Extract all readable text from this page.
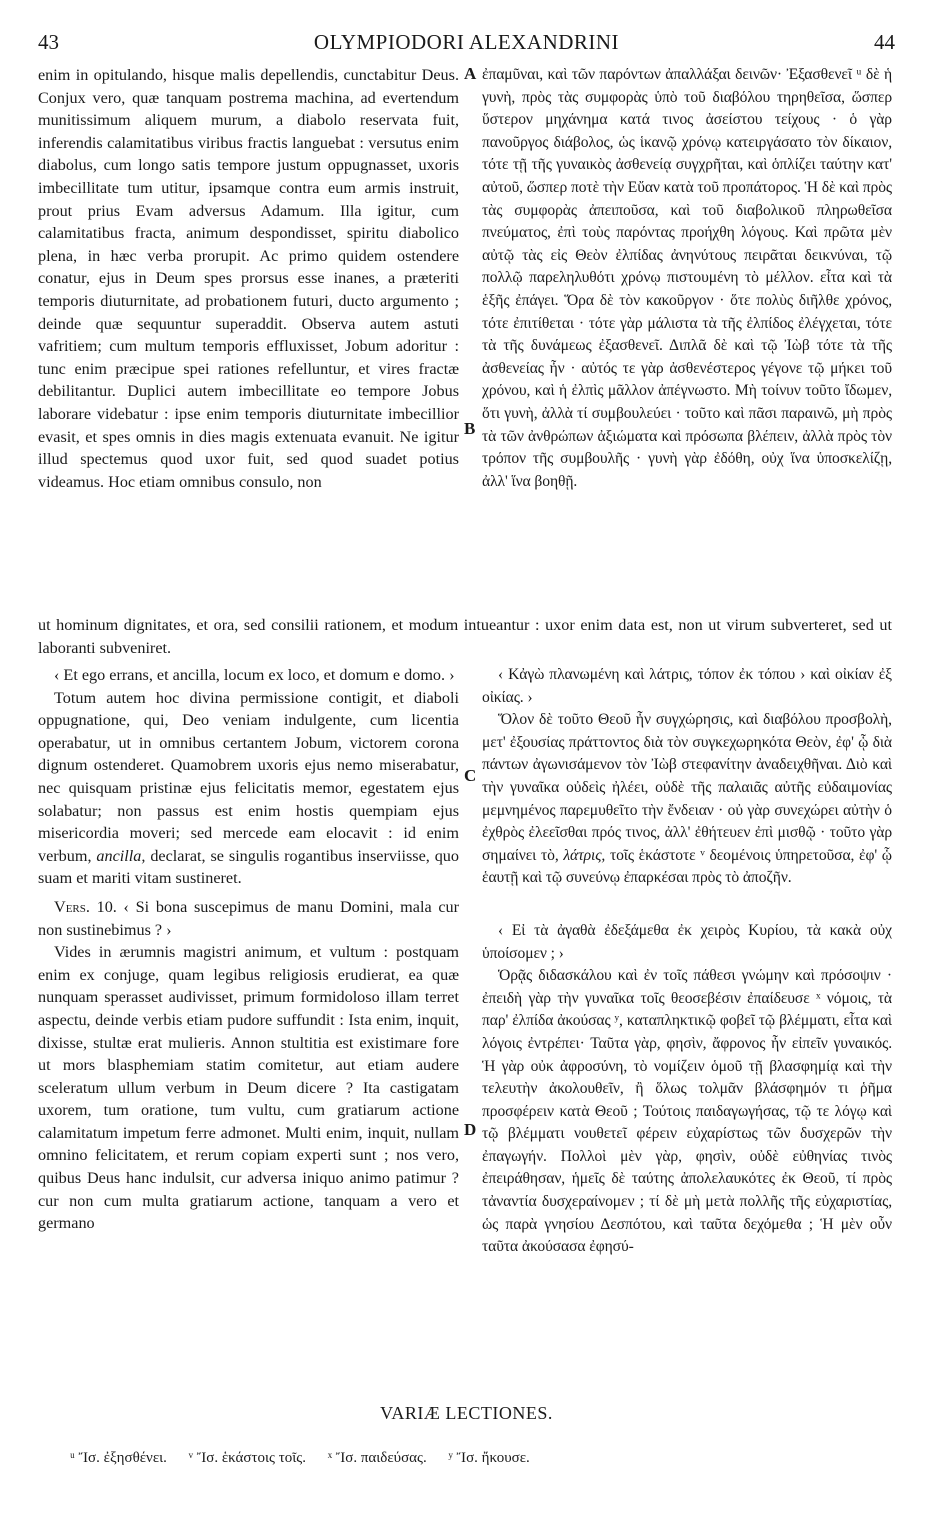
43	OLYMPIODORI ALEXANDRINI	44
A
B
C
D

enim in opitulando, hisque malis depellendis, cunctabitur Deus. Conjux vero, quæ tanquam postrema machina, ad evertendum munitissimum aliquem murum, a diabolo reservata fuit, inferendis calamitatibus viribus fractis languebat : versutus enim diabolus, cum longo satis tempore justum oppugnasset, uxoris imbecillitate tum utitur, ipsamque contra eum armis instruit, prout prius Evam adversus Adamum. Illa igitur, cum calamitatibus fracta, animum despondisset, spiritu diabolico plena, in hæc verba prorupit. Ac primo quidem ostendere conatur, ejus in Deum spes prorsus esse inanes, a præteriti temporis diuturnitate, ad probationem futuri, ducto argumento ; deinde quæ sequuntur superaddit. Observa autem astuti vafritiem; cum multum temporis effluxisset, Jobum adoritur : tunc enim præcipue spei rationes refelluntur, et vires fractæ debilitantur. Duplici autem imbecillitate eo tempore Jobus laborare videbatur : ipse enim temporis diuturnitate imbecillior evasit, et spes omnis in dies magis extenuata evanuit. Ne igitur illud spectemus quod uxor fuit, sed quod suadet potius videamus. Hoc etiam omnibus consulo, non

ἐπαμῦναι, καὶ τῶν παρόντων ἀπαλλάξαι δεινῶν· Ἐξασθενεῖ ᵘ δὲ ἡ γυνὴ, πρὸς τὰς συμφορὰς ὑπὸ τοῦ διαβόλου τηρηθεῖσα, ὥσπερ ὕστερον μηχάνημα κατά τινος ἀσείστου τείχους · ὁ γὰρ πανοῦργος διάβολος, ὡς ἱκανῷ χρόνῳ κατειργάσατο τὸν δίκαιον, τότε τῇ τῆς γυναικὸς ἀσθενείᾳ συγχρῆται, καὶ ὁπλίζει ταύτην κατ' αὐτοῦ, ὥσπερ ποτὲ τὴν Εὔαν κατὰ τοῦ προπάτορος. Ἡ δὲ καὶ πρὸς τὰς συμφορὰς ἀπειποῦσα, καὶ τοῦ διαβολικοῦ πληρωθεῖσα πνεύματος, ἐπὶ τοὺς παρόντας προήχθη λόγους. Καὶ πρῶτα μὲν αὐτῷ τὰς εἰς Θεὸν ἐλπίδας ἀνηνύτους πειρᾶται δεικνύναι, τῷ πολλῷ παρεληλυθότι χρόνῳ πιστουμένη τὸ μέλλον. εἶτα καὶ τὰ ἑξῆς ἐπάγει. Ὅρα δὲ τὸν κακοῦργον · ὅτε πολὺς διῆλθε χρόνος, τότε ἐπιτίθεται · τότε γὰρ μάλιστα τὰ τῆς ἐλπίδος ἐλέγχεται, τότε τὰ τῆς δυνάμεως ἐξασθενεῖ. Διπλᾶ δὲ καὶ τῷ Ἰὼβ τότε τὰ τῆς ἀσθενείας ἦν · αὐτός τε γὰρ ἀσθενέστερος γέγονε τῷ μήκει τοῦ χρόνου, καὶ ἡ ἐλπὶς μᾶλλον ἀπέγνωστο. Μὴ τοίνυν τοῦτο ἴδωμεν, ὅτι γυνὴ, ἀλλὰ τί συμβουλεύει · τοῦτο καὶ πᾶσι παραινῶ, μὴ πρὸς τὰ τῶν ἀνθρώπων ἀξιώματα καὶ πρόσωπα βλέπειν, ἀλλὰ πρὸς τὸν τρόπον τῆς συμβουλῆς · γυνὴ γὰρ ἐδόθη, οὐχ ἵνα ὑποσκελίζῃ, ἀλλ' ἵνα βοηθῇ.

ut hominum dignitates, et ora, sed consilii rationem, et modum intueantur : uxor enim data est, non ut virum subverteret, sed ut laboranti subveniret.

‹ Et ego errans, et ancilla, locum ex loco, et domum e domo. ›

Totum autem hoc divina permissione contigit, et diaboli oppugnatione, qui, Deo veniam indulgente, cum licentia operabatur, ut in omnibus certantem Jobum, victorem corona dignum ostenderet. Quamobrem uxoris ejus nemo miserabatur, nec quisquam pristinæ ejus felicitatis memor, egestatem ejus solabatur; non passus est enim hostis quempiam ejus misericordia moveri; sed mercede eam elocavit : id enim verbum, ancilla, declarat, se singulis rogantibus inserviisse, quo suam et mariti vitam sustineret.

Vers. 10. ‹ Si bona suscepimus de manu Domini, mala cur non sustinebimus ? ›

Vides in ærumnis magistri animum, et vultum : postquam enim ex conjuge, quam legibus religiosis erudierat, ea quæ nunquam sperasset audivisset, primum formidoloso illam terret aspectu, deinde verbis etiam pudore suffundit : Ista enim, inquit, dixisse, stultæ erat mulieris. Annon stultitia est existimare fore ut mors blasphemiam statim comitetur, aut etiam audere sceleratum ullum verbum in Deum dicere ? Ita castigatam uxorem, tum oratione, tum vultu, cum gratiarum actione calamitatum impetum ferre admonet. Multi enim, inquit, nullam omnino felicitatem, et rerum copiam experti sunt ; nos vero, quibus Deus hanc indulsit, cur adversa iniquo animo patimur ? cur non cum multa gratiarum actione, tanquam a vero et germano

‹ Κἀγὼ πλανωμένη καὶ λάτρις, τόπον ἐκ τόπου › καὶ οἰκίαν ἐξ οἰκίας. ›

Ὅλον δὲ τοῦτο Θεοῦ ἦν συγχώρησις, καὶ διαβόλου προσβολὴ, μετ' ἐξουσίας πράττοντος διὰ τὸν συγκεχωρηκότα Θεὸν, ἐφ' ᾧ διὰ πάντων ἀγωνισάμενον τὸν Ἰὼβ στεφανίτην ἀναδειχθῆναι. Διὸ καὶ τὴν γυναῖκα οὐδεὶς ἠλέει, οὐδὲ τῆς παλαιᾶς αὐτῆς εὐδαιμονίας μεμνημένος παρεμυθεῖτο τὴν ἔνδειαν · οὐ γὰρ συνεχώρει αὐτὴν ὁ ἐχθρὸς ἐλεεῖσθαι πρός τινος, ἀλλ' ἐθήτευεν ἐπὶ μισθῷ · τοῦτο γὰρ σημαίνει τὸ, λάτρις, τοῖς ἑκάστοτε ᵛ δεομένοις ὑπηρετοῦσα, ἐφ' ᾧ ἑαυτῇ καὶ τῷ συνεύνῳ ἐπαρκέσαι πρὸς τὸ ἀποζῆν.

‹ Εἰ τὰ ἀγαθὰ ἐδεξάμεθα ἐκ χειρὸς Κυρίου, τὰ κακὰ οὐχ ὑποίσομεν ; ›

Ὁρᾷς διδασκάλου καὶ ἐν τοῖς πάθεσι γνώμην καὶ πρόσοψιν · ἐπειδὴ γὰρ τὴν γυναῖκα τοῖς θεοσεβέσιν ἐπαίδευσε ˣ νόμοις, τὰ παρ' ἐλπίδα ἀκούσας ʸ, καταπληκτικῷ φοβεῖ τῷ βλέμματι, εἶτα καὶ λόγοις ἐντρέπει· Ταῦτα γὰρ, φησὶν, ἄφρονος ἦν εἰπεῖν γυναικός. Ἡ γὰρ οὐκ ἀφροσύνη, τὸ νομίζειν ὁμοῦ τῇ βλασφημίᾳ καὶ τὴν τελευτὴν ἀκολουθεῖν, ἢ ὅλως τολμᾶν βλάσφημόν τι ῥῆμα προσφέρειν κατὰ Θεοῦ ; Τούτοις παιδαγωγήσας, τῷ τε λόγῳ καὶ τῷ βλέμματι νουθετεῖ φέρειν εὐχαρίστως τῶν δυσχερῶν τὴν ἐπαγωγήν. Πολλοὶ μὲν γὰρ, φησὶν, οὐδὲ εὐθηνίας τινὸς ἐπειράθησαν, ἡμεῖς δὲ ταύτης ἀπολελαυκότες ἐκ Θεοῦ, τί πρὸς τἀναντία δυσχεραίνομεν ; τί δὲ μὴ μετὰ πολλῆς τῆς εὐχαριστίας, ὡς παρὰ γνησίου Δεσπότου, καὶ ταῦτα δεχόμεθα ; Ἡ μὲν οὖν ταῦτα ἀκούσασα ἐφησύ-

VARIÆ LECTIONES.
ᵘ Ἴσ. ἐξησθένει. ᵛ Ἴσ. ἑκάστοις τοῖς. ˣ Ἴσ. παιδεύσας. ʸ Ἴσ. ἤκουσε.
